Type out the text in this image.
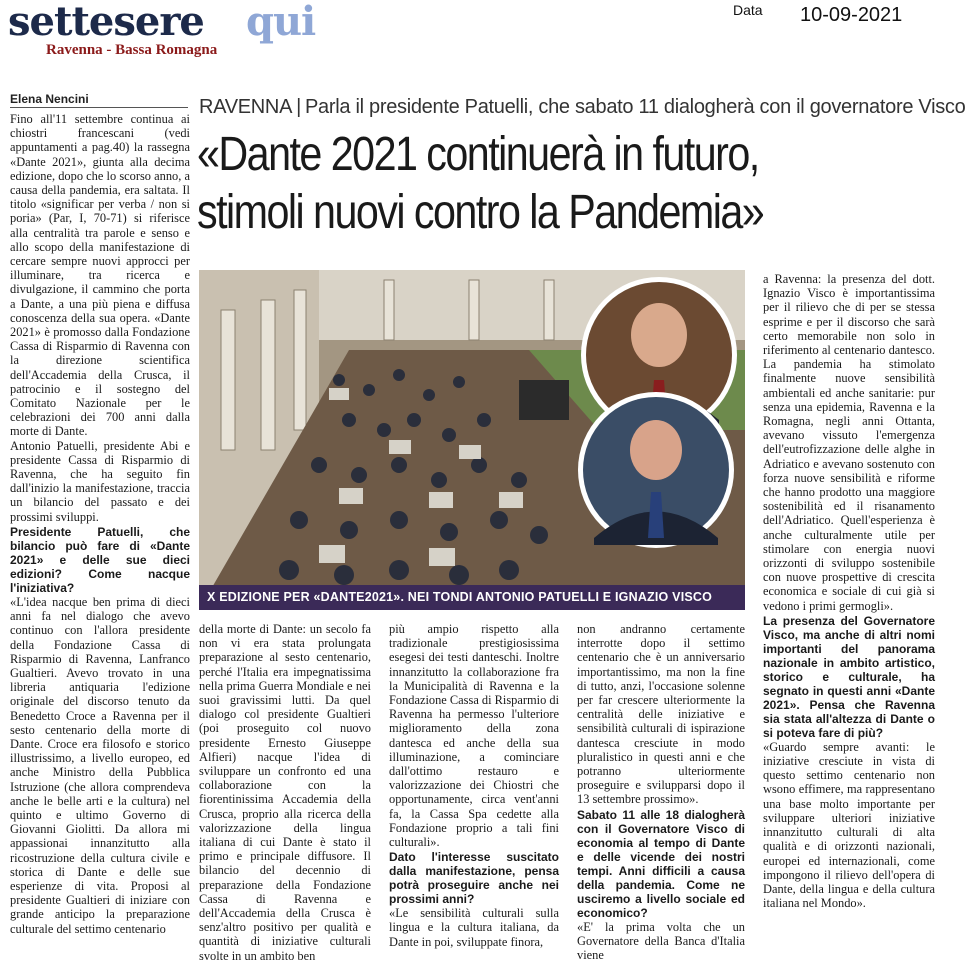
settesere qui
Ravenna - Bassa Romagna
Data 10-09-2021
Elena Nencini	RAVENNA | Parla il presidente Patuelli, che sabato 11 dialogherà con il governatore Visco
«Dante 2021 continuerà in futuro,
stimoli nuovi contro la Pandemia»
X EDIZIONE PER «DANTE2021». NEI TONDI ANTONIO PATUELLI E IGNAZIO VISCO

Fino all'11 settembre continua ai chiostri francescani (vedi appuntamenti a pag.40) la rassegna «Dante 2021», giunta alla decima edizione, dopo che lo scorso anno, a causa della pandemia, era saltata. Il titolo «significar per verba / non si poria» (Par, I, 70-71) si riferisce alla centralità tra parole e senso e allo scopo della manifestazione di cercare sempre nuovi approcci per illuminare, tra ricerca e divulgazione, il cammino che porta a Dante, a una più piena e diffusa conoscenza della sua opera. «Dante 2021» è promosso dalla Fondazione Cassa di Risparmio di Ravenna con la direzione scientifica dell'Accademia della Crusca, il patrocinio e il sostegno del Comitato Nazionale per le celebrazioni dei 700 anni dalla morte di Dante.

Antonio Patuelli, presidente Abi e presidente Cassa di Risparmio di Ravenna, che ha seguito fin dall'inizio la manifestazione, traccia un bilancio del passato e dei prossimi sviluppi.

Presidente Patuelli, che bilancio può fare di «Dante 2021» e delle sue dieci edizioni? Come nacque l'iniziativa?

«L'idea nacque ben prima di dieci anni fa nel dialogo che avevo continuo con l'allora presidente della Fondazione Cassa di Risparmio di Ravenna, Lanfranco Gualtieri. Avevo trovato in una libreria antiquaria l'edizione originale del discorso tenuto da Benedetto Croce a Ravenna per il sesto centenario della morte di Dante. Croce era filosofo e storico illustrissimo, a livello europeo, ed anche Ministro della Pubblica Istruzione (che allora comprendeva anche le belle arti e la cultura) nel quinto e ultimo Governo di Giovanni Giolitti. Da allora mi appassionai innanzitutto alla ricostruzione della cultura civile e storica di Dante e delle sue esperienze di vita. Proposi al presidente Gualtieri di iniziare con grande anticipo la preparazione culturale del settimo centenario

della morte di Dante: un secolo fa non vi era stata prolungata preparazione al sesto centenario, perché l'Italia era impegnatissima nella prima Guerra Mondiale e nei suoi gravissimi lutti. Da quel dialogo col presidente Gualtieri (poi proseguito col nuovo presidente Ernesto Giuseppe Alfieri) nacque l'idea di sviluppare un confronto ed una collaborazione con la fiorentinissima Accademia della Crusca, proprio alla ricerca della valorizzazione della lingua italiana di cui Dante è stato il primo e principale diffusore. Il bilancio del decennio di preparazione della Fondazione Cassa di Ravenna e dell'Accademia della Crusca è senz'altro positivo per qualità e quantità di iniziative culturali svolte in un ambito ben

più ampio rispetto alla tradizionale prestigiosissima esegesi dei testi danteschi. Inoltre innanzitutto la collaborazione fra la Municipalità di Ravenna e la Fondazione Cassa di Risparmio di Ravenna ha permesso l'ulteriore miglioramento della zona dantesca ed anche della sua illuminazione, a cominciare dall'ottimo restauro e valorizzazione dei Chiostri che opportunamente, circa vent'anni fa, la Cassa Spa cedette alla Fondazione proprio a tali fini culturali».

Dato l'interesse suscitato dalla manifestazione, pensa potrà proseguire anche nei prossimi anni?

«Le sensibilità culturali sulla lingua e la cultura italiana, da Dante in poi, sviluppate finora,

non andranno certamente interrotte dopo il settimo centenario che è un anniversario importantissimo, ma non la fine di tutto, anzi, l'occasione solenne per far crescere ulteriormente la centralità delle iniziative e sensibilità culturali di ispirazione dantesca cresciute in modo pluralistico in questi anni e che potranno ulteriormente proseguire e svilupparsi dopo il 13 settembre prossimo».

Sabato 11 alle 18 dialogherà con il Governatore Visco di economia al tempo di Dante e delle vicende dei nostri tempi. Anni difficili a causa della pandemia. Come ne usciremo a livello sociale ed economico?

«E' la prima volta che un Governatore della Banca d'Italia viene

a Ravenna: la presenza del dott. Ignazio Visco è importantissima per il rilievo che di per se stessa esprime e per il discorso che sarà certo memorabile non solo in riferimento al centenario dantesco. La pandemia ha stimolato finalmente nuove sensibilità ambientali ed anche sanitarie: pur senza una epidemia, Ravenna e la Romagna, negli anni Ottanta, avevano vissuto l'emergenza dell'eutrofizzazione delle alghe in Adriatico e avevano sostenuto con forza nuove sensibilità e riforme che hanno prodotto una maggiore sostenibilità ed il risanamento dell'Adriatico. Quell'esperienza è anche culturalmente utile per stimolare con energia nuovi orizzonti di sviluppo sostenibile con nuove prospettive di crescita economica e sociale di cui già si vedono i primi germogli».

La presenza del Governatore Visco, ma anche di altri nomi importanti del panorama nazionale in ambito artistico, storico e culturale, ha segnato in questi anni «Dante 2021». Pensa che Ravenna sia stata all'altezza di Dante o si poteva fare di più?

«Guardo sempre avanti: le iniziative cresciute in vista di questo settimo centenario non wsono effimere, ma rappresentano una base molto importante per sviluppare ulteriori iniziative innanzitutto culturali di alta qualità e di orizzonti nazionali, europei ed internazionali, come impongono il rilievo dell'opera di Dante, della lingua e della cultura italiana nel Mondo».
